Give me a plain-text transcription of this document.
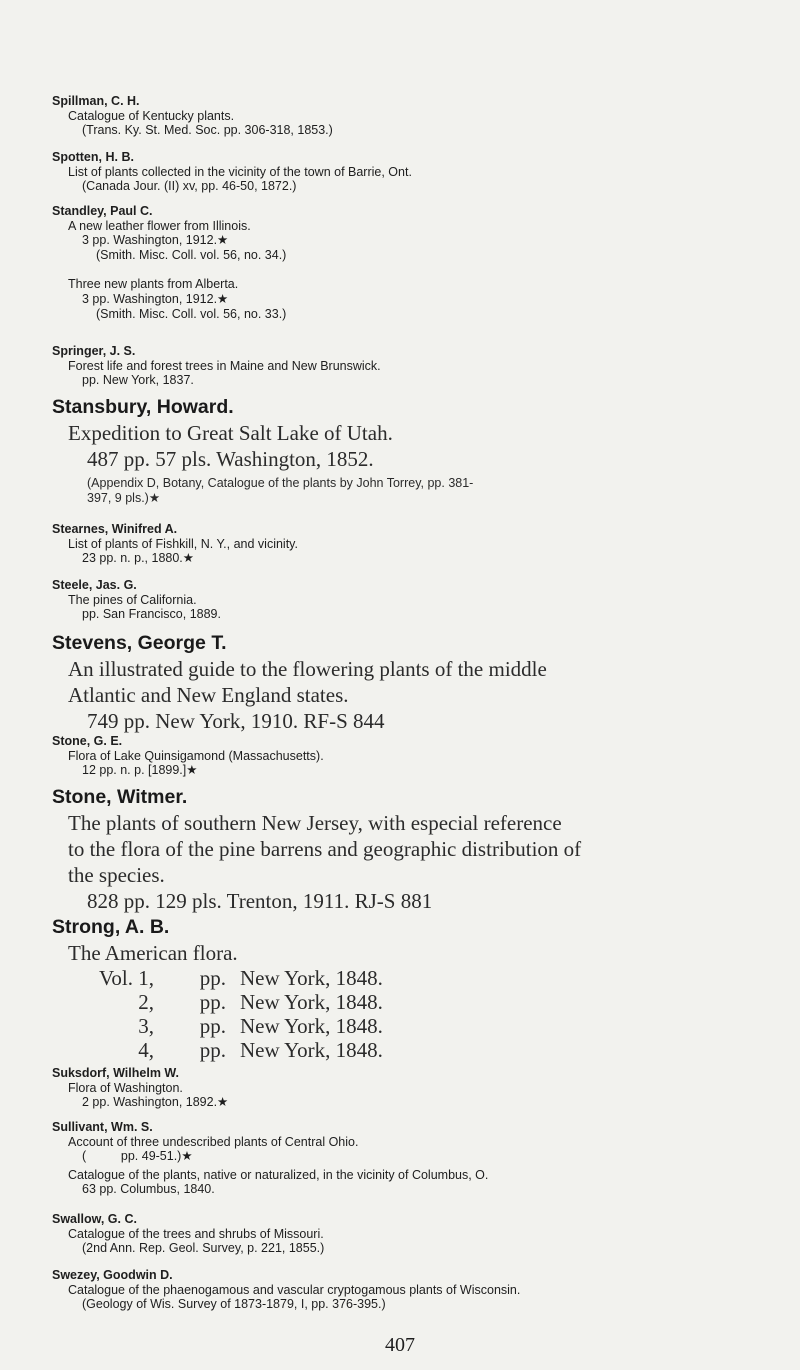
Spillman, C. H.
Catalogue of Kentucky plants.
(Trans. Ky. St. Med. Soc. pp. 306-318, 1853.)
Spotten, H. B.
List of plants collected in the vicinity of the town of Barrie, Ont.
(Canada Jour. (II) xv, pp. 46-50, 1872.)
Standley, Paul C.
A new leather flower from Illinois.
3 pp. Washington, 1912.★
(Smith. Misc. Coll. vol. 56, no. 34.)
Three new plants from Alberta.
3 pp. Washington, 1912.★
(Smith. Misc. Coll. vol. 56, no. 33.)
Springer, J. S.
Forest life and forest trees in Maine and New Brunswick.
pp. New York, 1837.
Stansbury, Howard.
Expedition to Great Salt Lake of Utah.
487 pp. 57 pls. Washington, 1852.
(Appendix D, Botany, Catalogue of the plants by John Torrey, pp. 381-
397, 9 pls.)★
Stearnes, Winifred A.
List of plants of Fishkill, N. Y., and vicinity.
23 pp. n. p., 1880.★
Steele, Jas. G.
The pines of California.
pp. San Francisco, 1889.
Stevens, George T.
An illustrated guide to the flowering plants of the middle
Atlantic and New England states.
749 pp. New York, 1910. RF-S 844
Stone, G. E.
Flora of Lake Quinsigamond (Massachusetts).
12 pp. n. p. [1899.]★
Stone, Witmer.
The plants of southern New Jersey, with especial reference
to the flora of the pine barrens and geographic distribution of
the species.
828 pp. 129 pls. Trenton, 1911. RJ-S 881
Strong, A. B.
The American flora.
Vol. 1,	pp.	New York, 1848.
2,	pp.	New York, 1848.
3,	pp.	New York, 1848.
4,	pp.	New York, 1848.
Suksdorf, Wilhelm W.
Flora of Washington.
2 pp. Washington, 1892.★
Sullivant, Wm. S.
Account of three undescribed plants of Central Ohio.
(          pp. 49-51.)★
Catalogue of the plants, native or naturalized, in the vicinity of Columbus, O.
63 pp. Columbus, 1840.
Swallow, G. C.
Catalogue of the trees and shrubs of Missouri.
(2nd Ann. Rep. Geol. Survey, p. 221, 1855.)
Swezey, Goodwin D.
Catalogue of the phaenogamous and vascular cryptogamous plants of Wisconsin.
(Geology of Wis. Survey of 1873-1879, I, pp. 376-395.)
407
